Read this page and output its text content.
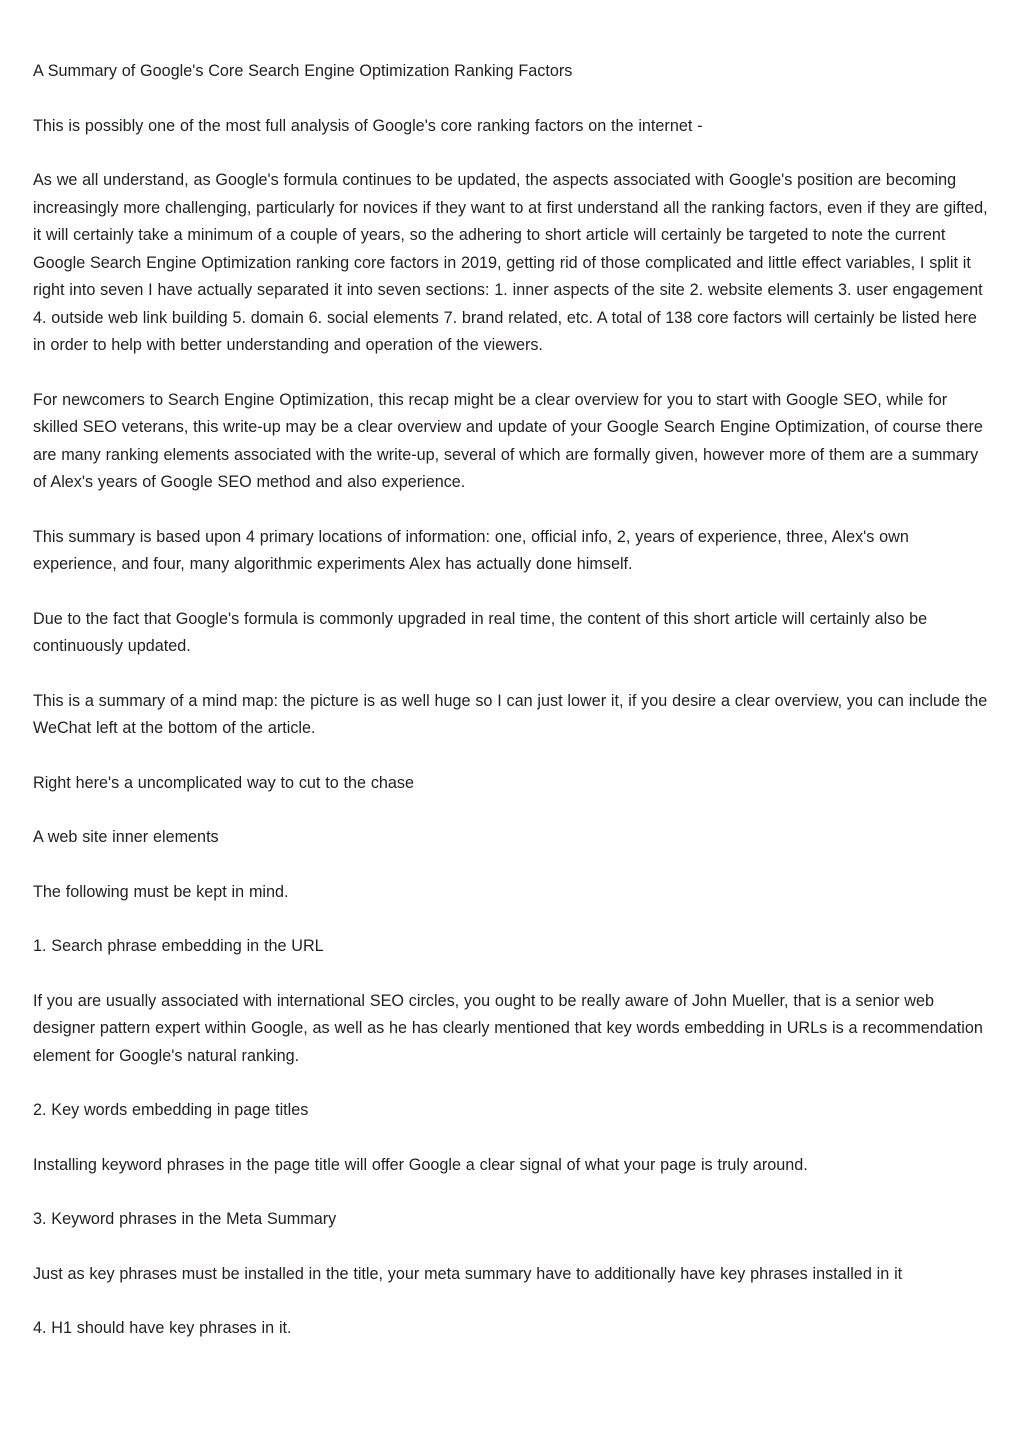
A Summary of Google's Core Search Engine Optimization Ranking Factors

This is possibly one of the most full analysis of Google's core ranking factors on the internet -

As we all understand, as Google's formula continues to be updated, the aspects associated with Google's position are becoming increasingly more challenging, particularly for novices if they want to at first understand all the ranking factors, even if they are gifted, it will certainly take a minimum of a couple of years, so the adhering to short article will certainly be targeted to note the current Google Search Engine Optimization ranking core factors in 2019, getting rid of those complicated and little effect variables, I split it right into seven I have actually separated it into seven sections: 1. inner aspects of the site 2. website elements 3. user engagement 4. outside web link building 5. domain 6. social elements 7. brand related, etc. A total of 138 core factors will certainly be listed here in order to help with better understanding and operation of the viewers.

For newcomers to Search Engine Optimization, this recap might be a clear overview for you to start with Google SEO, while for skilled SEO veterans, this write-up may be a clear overview and update of your Google Search Engine Optimization, of course there are many ranking elements associated with the write-up, several of which are formally given, however more of them are a summary of Alex's years of Google SEO method and also experience.

This summary is based upon 4 primary locations of information: one, official info, 2, years of experience, three, Alex's own experience, and four, many algorithmic experiments Alex has actually done himself.

Due to the fact that Google's formula is commonly upgraded in real time, the content of this short article will certainly also be continuously updated.

This is a summary of a mind map: the picture is as well huge so I can just lower it, if you desire a clear overview, you can include the WeChat left at the bottom of the article.

Right here's a uncomplicated way to cut to the chase

A web site inner elements

The following must be kept in mind.

1. Search phrase embedding in the URL

If you are usually associated with international SEO circles, you ought to be really aware of John Mueller, that is a senior web designer pattern expert within Google, as well as he has clearly mentioned that key words embedding in URLs is a recommendation element for Google's natural ranking.

2. Key words embedding in page titles

Installing keyword phrases in the page title will offer Google a clear signal of what your page is truly around.

3. Keyword phrases in the Meta Summary

Just as key phrases must be installed in the title, your meta summary have to additionally have key phrases installed in it

4. H1 should have key phrases in it.
